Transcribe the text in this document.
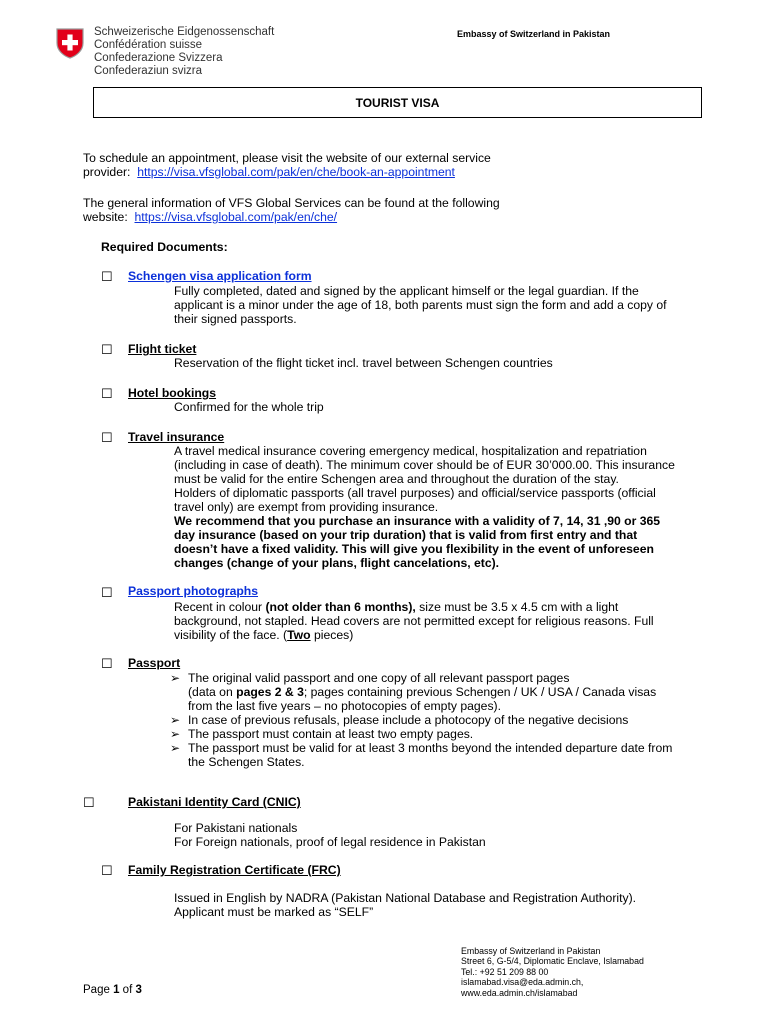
Schweizerische Eidgenossenschaft
Confédération suisse
Confederazione Svizzera
Confederaziun svizra
Embassy of Switzerland in Pakistan
TOURIST VISA
To schedule an appointment, please visit the website of our external service
provider: https://visa.vfsglobal.com/pak/en/che/book-an-appointment
The general information of VFS Global Services can be found at the following
website: https://visa.vfsglobal.com/pak/en/che/
Required Documents:
☐ Schengen visa application form
Fully completed, dated and signed by the applicant himself or the legal guardian. If the
applicant is a minor under the age of 18, both parents must sign the form and add a copy of
their signed passports.
☐ Flight ticket
Reservation of the flight ticket incl. travel between Schengen countries
☐ Hotel bookings
Confirmed for the whole trip
☐ Travel insurance
A travel medical insurance covering emergency medical, hospitalization and repatriation
(including in case of death). The minimum cover should be of EUR 30’000.00. This insurance
must be valid for the entire Schengen area and throughout the duration of the stay.
Holders of diplomatic passports (all travel purposes) and official/service passports (official
travel only) are exempt from providing insurance.
We recommend that you purchase an insurance with a validity of 7, 14, 31 ,90 or 365
day insurance (based on your trip duration) that is valid from first entry and that
doesn’t have a fixed validity. This will give you flexibility in the event of unforeseen
changes (change of your plans, flight cancelations, etc).
☐ Passport photographs
Recent in colour (not older than 6 months), size must be 3.5 x 4.5 cm with a light
background, not stapled. Head covers are not permitted except for religious reasons. Full
visibility of the face. (Two pieces)
☐ Passport
➢ The original valid passport and one copy of all relevant passport pages
(data on pages 2 & 3; pages containing previous Schengen / UK / USA / Canada visas
from the last five years – no photocopies of empty pages).
➢ In case of previous refusals, please include a photocopy of the negative decisions
➢ The passport must contain at least two empty pages.
➢ The passport must be valid for at least 3 months beyond the intended departure date from
the Schengen States.
☐	Pakistani Identity Card (CNIC)
For Pakistani nationals
For Foreign nationals, proof of legal residence in Pakistan
☐ Family Registration Certificate (FRC)
Issued in English by NADRA (Pakistan National Database and Registration Authority).
Applicant must be marked as “SELF”
Embassy of Switzerland in Pakistan
Street 6, G-5/4, Diplomatic Enclave, Islamabad
Tel.: +92 51 209 88 00
islamabad.visa@eda.admin.ch,
www.eda.admin.ch/islamabad
Page 1 of 3
